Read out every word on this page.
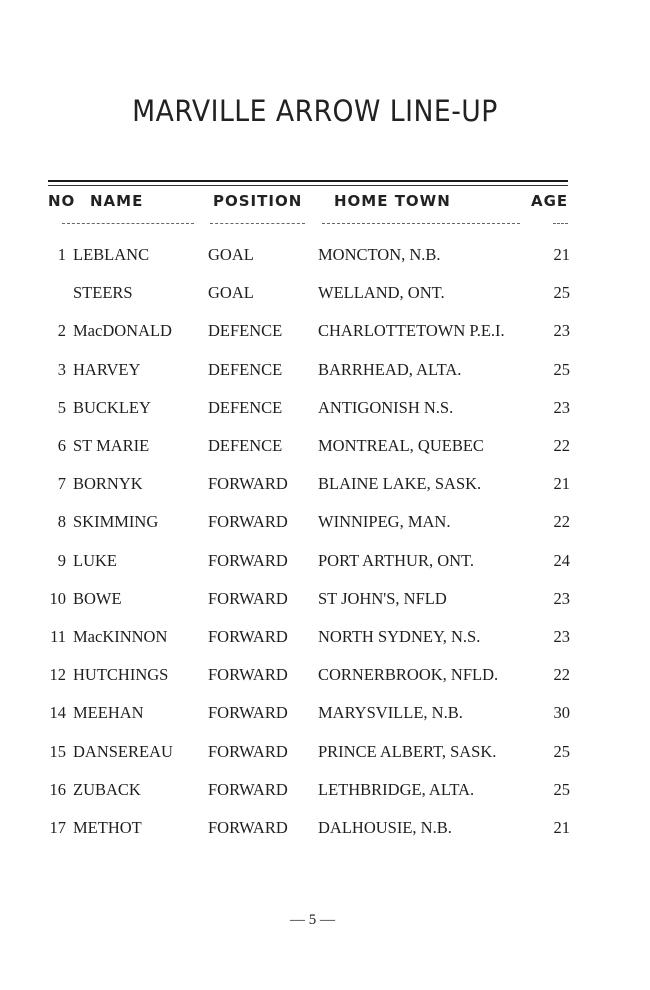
MARVILLE ARROW LINE-UP
NO NAME	POSITION HOME TOWN	AGE
1 LEBLANC	GOAL	MONCTON, N.B.	21
STEERS	GOAL	WELLAND, ONT.	25
2 MacDONALD DEFENCE CHARLOTTETOWN P.E.I.	23
3 HARVEY	DEFENCE BARRHEAD, ALTA.	25
5 BUCKLEY	DEFENCE ANTIGONISH N.S.	23
6 ST MARIE	DEFENCE MONTREAL, QUEBEC	22
7 BORNYK	FORWARD BLAINE LAKE, SASK.	21
8 SKIMMING	FORWARD WINNIPEG, MAN.	22
9 LUKE	FORWARD PORT ARTHUR, ONT.	24
10 BOWE	FORWARD ST JOHN'S, NFLD	23
11 MacKINNON FORWARD NORTH SYDNEY, N.S.	23
12 HUTCHINGS FORWARD CORNERBROOK, NFLD.	22
14 MEEHAN	FORWARD MARYSVILLE, N.B.	30
15 DANSEREAU FORWARD PRINCE ALBERT, SASK.	25
16 ZUBACK	FORWARD LETHBRIDGE, ALTA.	25
17 METHOT	FORWARD DALHOUSIE, N.B.	21
— 5 —
